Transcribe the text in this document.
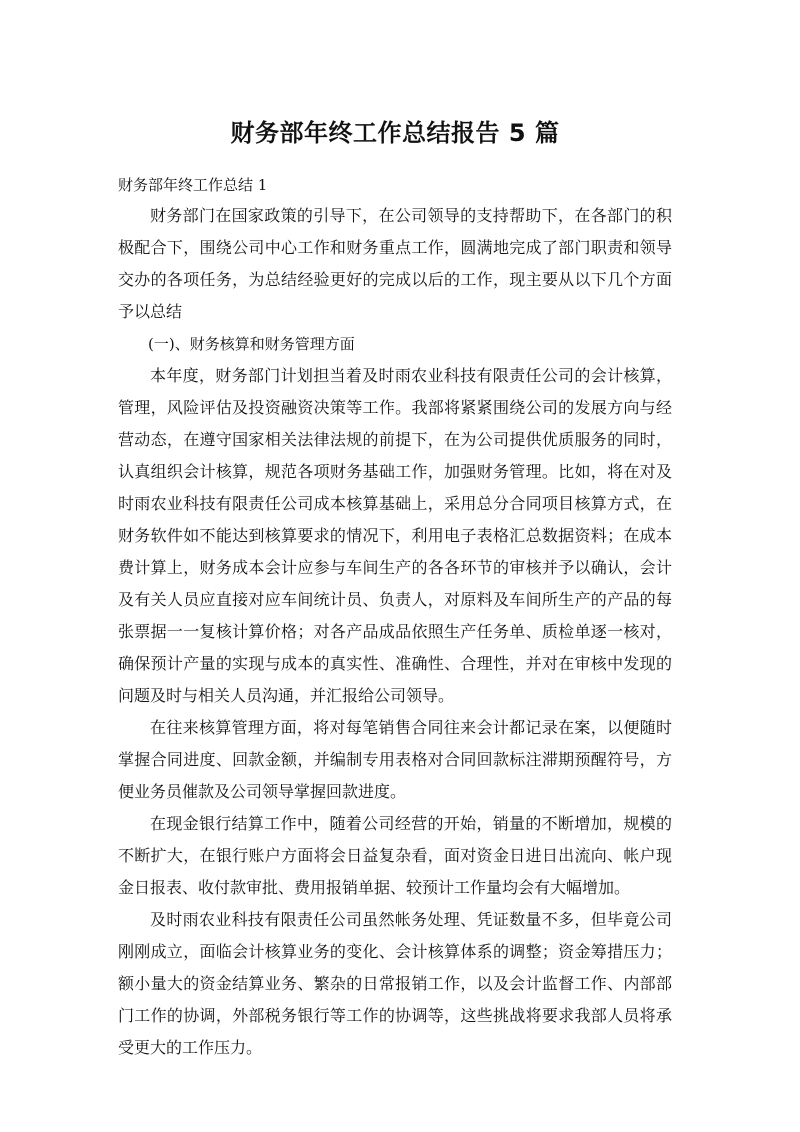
财务部年终工作总结报告 5 篇

财务部年终工作总结 1

财务部门在国家政策的引导下，在公司领导的支持帮助下，在各部门的积极配合下，围绕公司中心工作和财务重点工作，圆满地完成了部门职责和领导交办的各项任务，为总结经验更好的完成以后的工作，现主要从以下几个方面予以总结

(一)、财务核算和财务管理方面

本年度，财务部门计划担当着及时雨农业科技有限责任公司的会计核算，管理，风险评估及投资融资决策等工作。我部将紧紧围绕公司的发展方向与经营动态，在遵守国家相关法律法规的前提下，在为公司提供优质服务的同时，认真组织会计核算，规范各项财务基础工作，加强财务管理。比如，将在对及时雨农业科技有限责任公司成本核算基础上，采用总分合同项目核算方式，在财务软件如不能达到核算要求的情况下，利用电子表格汇总数据资料；在成本费计算上，财务成本会计应参与车间生产的各各环节的审核并予以确认，会计及有关人员应直接对应车间统计员、负责人，对原料及车间所生产的产品的每张票据一一复核计算价格；对各产品成品依照生产任务单、质检单逐一核对，确保预计产量的实现与成本的真实性、准确性、合理性，并对在审核中发现的问题及时与相关人员沟通，并汇报给公司领导。

在往来核算管理方面，将对每笔销售合同往来会计都记录在案，以便随时掌握合同进度、回款金额，并编制专用表格对合同回款标注滞期预醒符号，方便业务员催款及公司领导掌握回款进度。

在现金银行结算工作中，随着公司经营的开始，销量的不断增加，规模的不断扩大，在银行账户方面将会日益复杂看，面对资金日进日出流向、帐户现金日报表、收付款审批、费用报销单据、较预计工作量均会有大幅增加。

及时雨农业科技有限责任公司虽然帐务处理、凭证数量不多，但毕竟公司刚刚成立，面临会计核算业务的变化、会计核算体系的调整；资金筹措压力；额小量大的资金结算业务、繁杂的日常报销工作，以及会计监督工作、内部部门工作的协调，外部税务银行等工作的协调等，这些挑战将要求我部人员将承受更大的工作压力。
